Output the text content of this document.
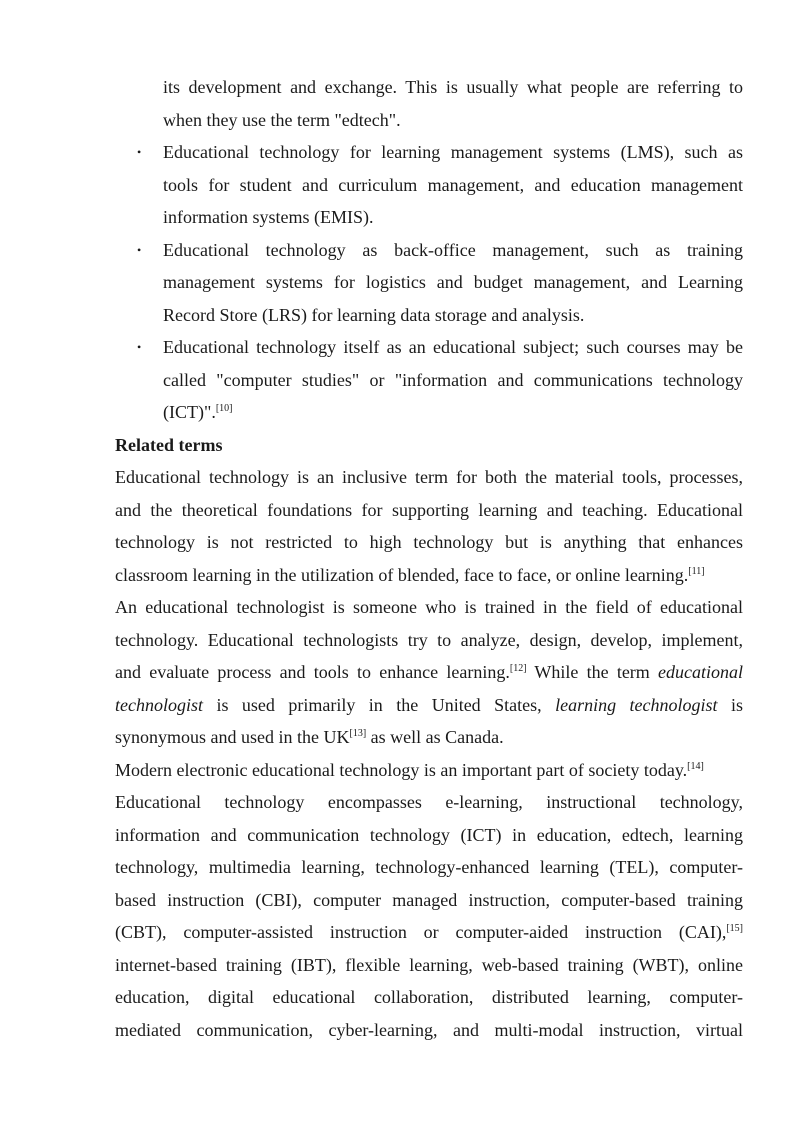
its development and exchange. This is usually what people are referring to
when they use the term "edtech".
• Educational technology for learning management systems (LMS), such as
tools for student and curriculum management, and education management
information systems (EMIS).
• Educational technology as back-office management, such as training
management systems for logistics and budget management, and Learning
Record Store (LRS) for learning data storage and analysis.
• Educational technology itself as an educational subject; such courses may be
called "computer studies" or "information and communications technology
(ICT)".[10]
Related terms
Educational technology is an inclusive term for both the material tools, processes,
and the theoretical foundations for supporting learning and teaching. Educational
technology is not restricted to high technology but is anything that enhances
classroom learning in the utilization of blended, face to face, or online learning.[11]
An educational technologist is someone who is trained in the field of educational
technology. Educational technologists try to analyze, design, develop, implement,
and evaluate process and tools to enhance learning.[12] While the term educational
technologist is used primarily in the United States, learning technologist is
synonymous and used in the UK[13] as well as Canada.
Modern electronic educational technology is an important part of society today.[14]
Educational technology encompasses e-learning, instructional technology,
information and communication technology (ICT) in education, edtech, learning
technology, multimedia learning, technology-enhanced learning (TEL), computer-
based instruction (CBI), computer managed instruction, computer-based training
(CBT), computer-assisted instruction or computer-aided instruction (CAI),[15]
internet-based training (IBT), flexible learning, web-based training (WBT), online
education, digital educational collaboration, distributed learning, computer-
mediated communication, cyber-learning, and multi-modal instruction, virtual
